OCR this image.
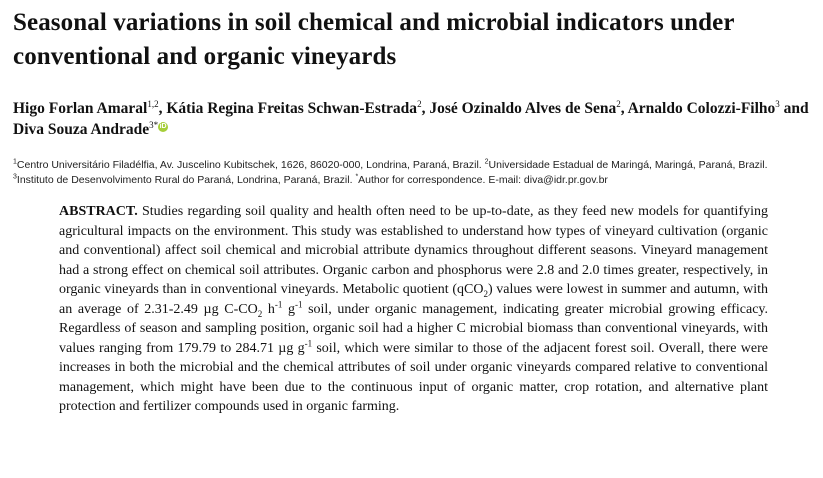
Seasonal variations in soil chemical and microbial indicators under conventional and organic vineyards

Higo Forlan Amaral$^{1,2}$, Kátia Regina Freitas Schwan-Estrada$^2$, José Ozinaldo Alves de Sena$^2$, Arnaldo Colozzi-Filho$^3$ and Diva Souza Andrade$^{3*}$ iD

$^1$Centro Universitário Filadélfia, Av. Juscelino Kubitschek, 1626, 86020-000, Londrina, Paraná, Brazil. $^2$Universidade Estadual de Maringá, Maringá, Paraná, Brazil. $^3$Instituto de Desenvolvimento Rural do Paraná, Londrina, Paraná, Brazil. *Author for correspondence. E-mail: diva@idr.pr.gov.br

ABSTRACT. Studies regarding soil quality and health often need to be up-to-date, as they feed new models for quantifying agricultural impacts on the environment. This study was established to understand how types of vineyard cultivation (organic and conventional) affect soil chemical and microbial attribute dynamics throughout different seasons. Vineyard management had a strong effect on chemical soil attributes. Organic carbon and phosphorus were 2.8 and 2.0 times greater, respectively, in organic vineyards than in conventional vineyards. Metabolic quotient (qCO$_2$) values were lowest in summer and autumn, with an average of 2.31-2.49 µg $C-CO_2$ $h^{-1}$ $g^{-1}$ soil, under organic management, indicating greater microbial growing efficacy. Regardless of season and sampling position, organic soil had a higher C microbial biomass than conventional vineyards, with values ranging from 179.79 to 284.71 µg $g^{-1}$ soil, which were similar to those of the adjacent forest soil. Overall, there were increases in both the microbial and the chemical attributes of soil under organic vineyards compared relative to conventional management, which might have been due to the continuous input of organic matter, crop rotation, and alternative plant protection and fertilizer compounds used in organic farming.
